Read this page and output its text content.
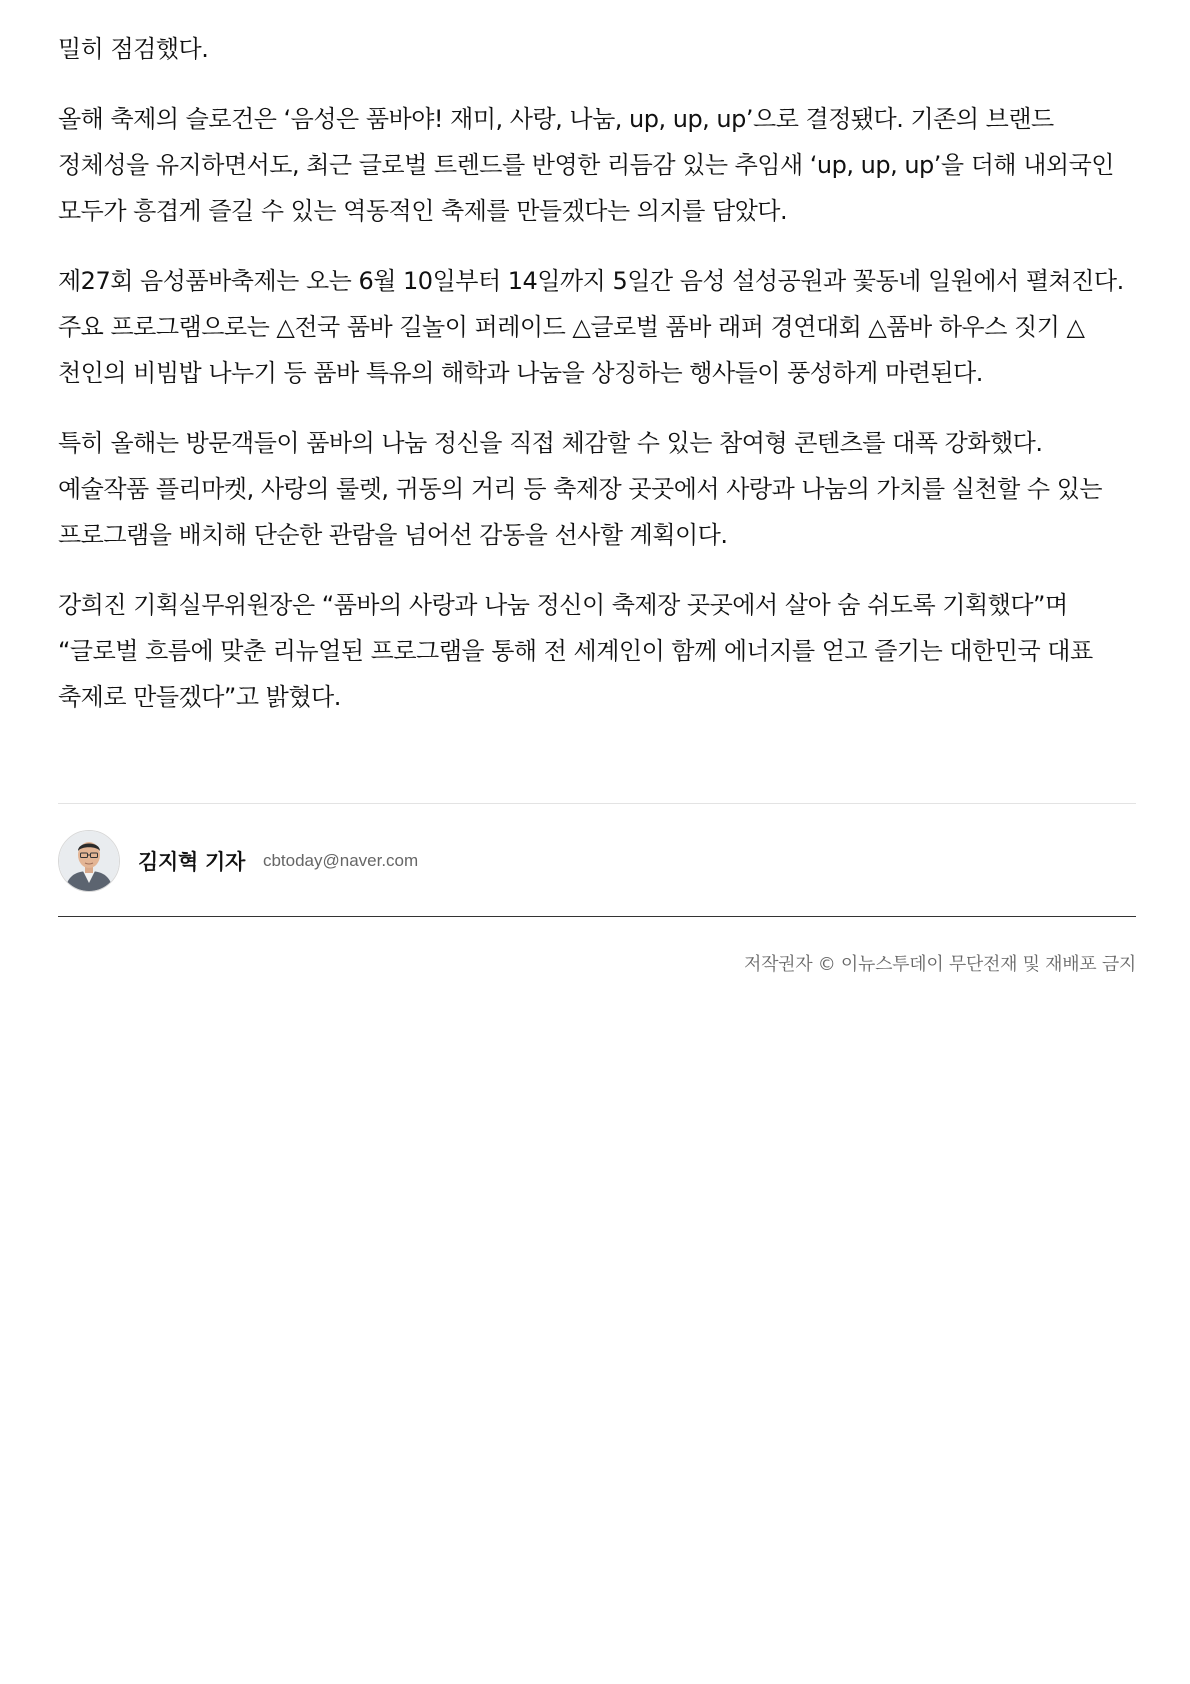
밀히 점검했다.

올해 축제의 슬로건은 ‘음성은 품바야! 재미, 사랑, 나눔, up, up, up’으로 결정됐다. 기존의 브랜드 정체성을 유지하면서도, 최근 글로벌 트렌드를 반영한 리듬감 있는 추임새 ‘up, up, up’을 더해 내외국인 모두가 흥겹게 즐길 수 있는 역동적인 축제를 만들겠다는 의지를 담았다.

제27회 음성품바축제는 오는 6월 10일부터 14일까지 5일간 음성 설성공원과 꽃동네 일원에서 펼쳐진다. 주요 프로그램으로는 △전국 품바 길놀이 퍼레이드 △글로벌 품바 래퍼 경연대회 △품바 하우스 짓기 △천인의 비빔밥 나누기 등 품바 특유의 해학과 나눔을 상징하는 행사들이 풍성하게 마련된다.

특히 올해는 방문객들이 품바의 나눔 정신을 직접 체감할 수 있는 참여형 콘텐츠를 대폭 강화했다. 예술작품 플리마켓, 사랑의 룰렛, 귀동의 거리 등 축제장 곳곳에서 사랑과 나눔의 가치를 실천할 수 있는 프로그램을 배치해 단순한 관람을 넘어선 감동을 선사할 계획이다.

강희진 기획실무위원장은 “품바의 사랑과 나눔 정신이 축제장 곳곳에서 살아 숨 쉬도록 기획했다”며 “글로벌 흐름에 맞춘 리뉴얼된 프로그램을 통해 전 세계인이 함께 에너지를 얻고 즐기는 대한민국 대표 축제로 만들겠다”고 밝혔다.

김지혁 기자 cbtoday@naver.com
저작권자 © 이뉴스투데이 무단전재 및 재배포 금지
